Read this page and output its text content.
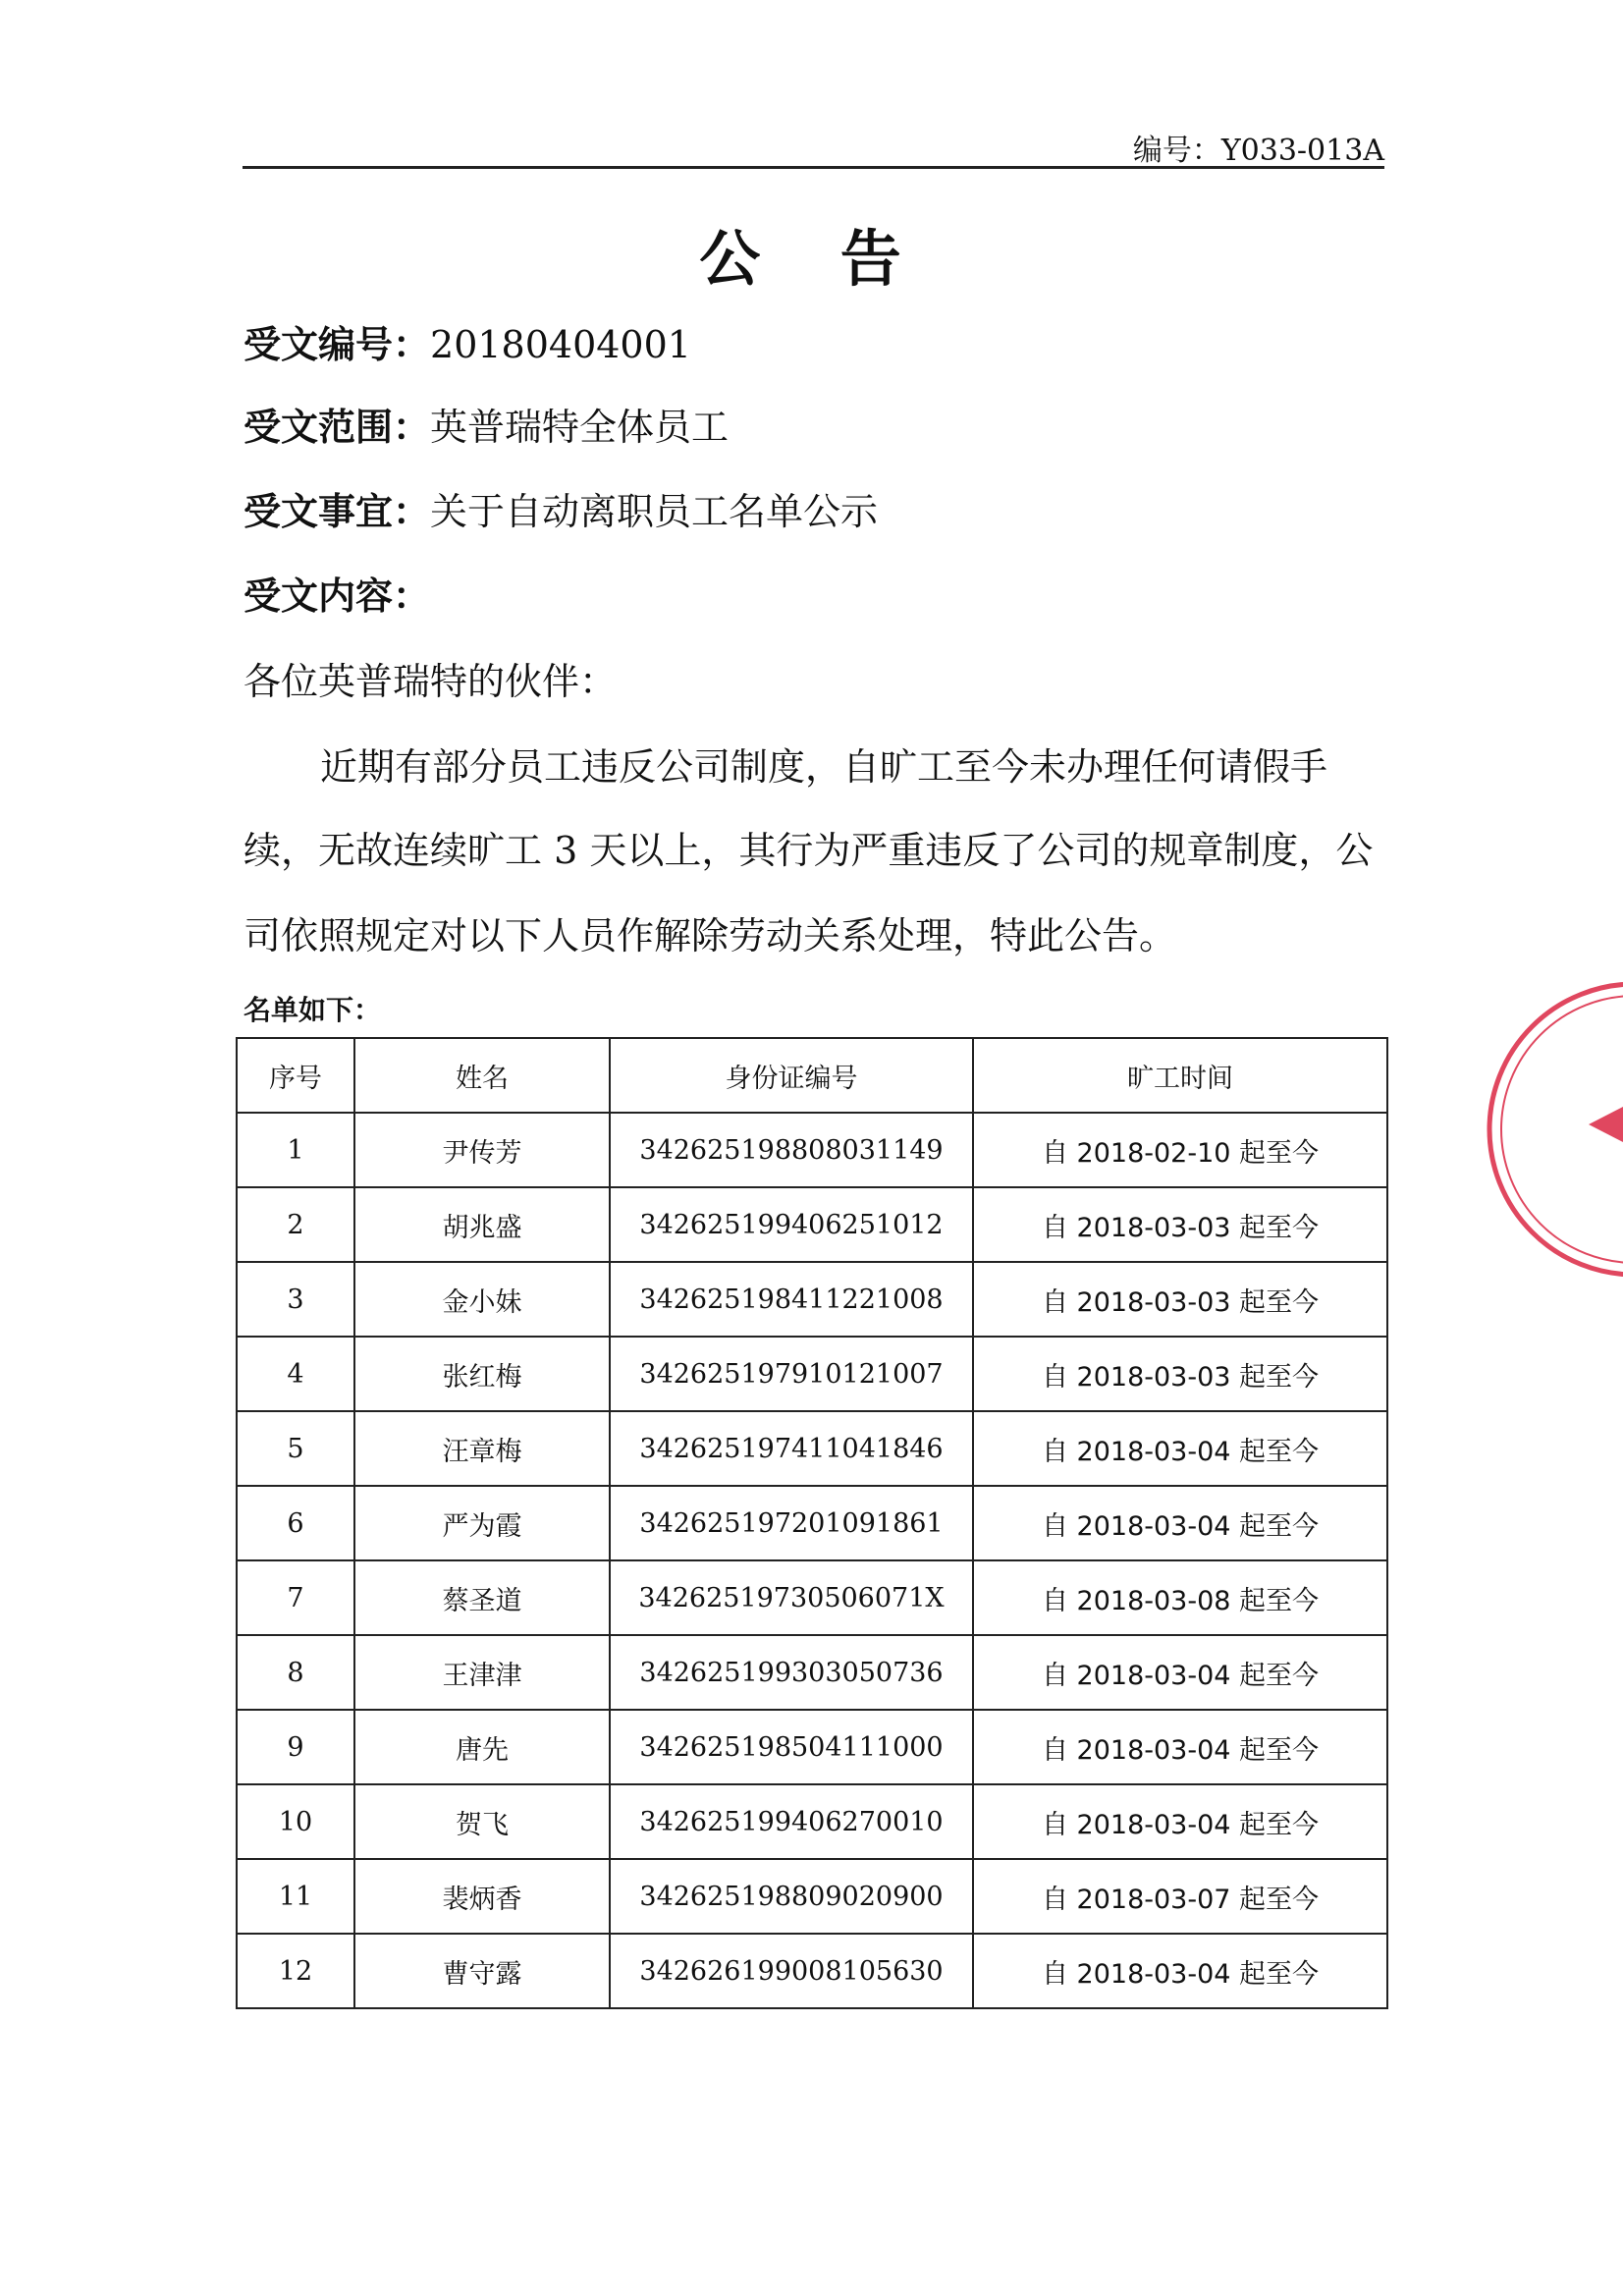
编号：Y033-013A
公 告
受文编号：20180404001
受文范围：英普瑞特全体员工
受文事宜：关于自动离职员工名单公示
受文内容：
各位英普瑞特的伙伴：
近期有部分员工违反公司制度，自旷工至今未办理任何请假手
续，无故连续旷工 3 天以上，其行为严重违反了公司的规章制度，公
司依照规定对以下人员作解除劳动关系处理，特此公告。
名单如下：
序号	姓名	身份证编号	旷工时间
1	尹传芳	342625198808031149	自 2018-02-10 起至今
2	胡兆盛	342625199406251012	自 2018-03-03 起至今
3	金小妹	342625198411221008	自 2018-03-03 起至今
4	张红梅	342625197910121007	自 2018-03-03 起至今
5	汪章梅	342625197411041846	自 2018-03-04 起至今
6	严为霞	342625197201091861	自 2018-03-04 起至今
7	蔡圣道	34262519730506071X	自 2018-03-08 起至今
8	王津津	342625199303050736	自 2018-03-04 起至今
9	唐先	342625198504111000	自 2018-03-04 起至今
10	贺飞	342625199406270010	自 2018-03-04 起至今
11	裴炳香	342625198809020900	自 2018-03-07 起至今
12	曹守露	342626199008105630	自 2018-03-04 起至今
